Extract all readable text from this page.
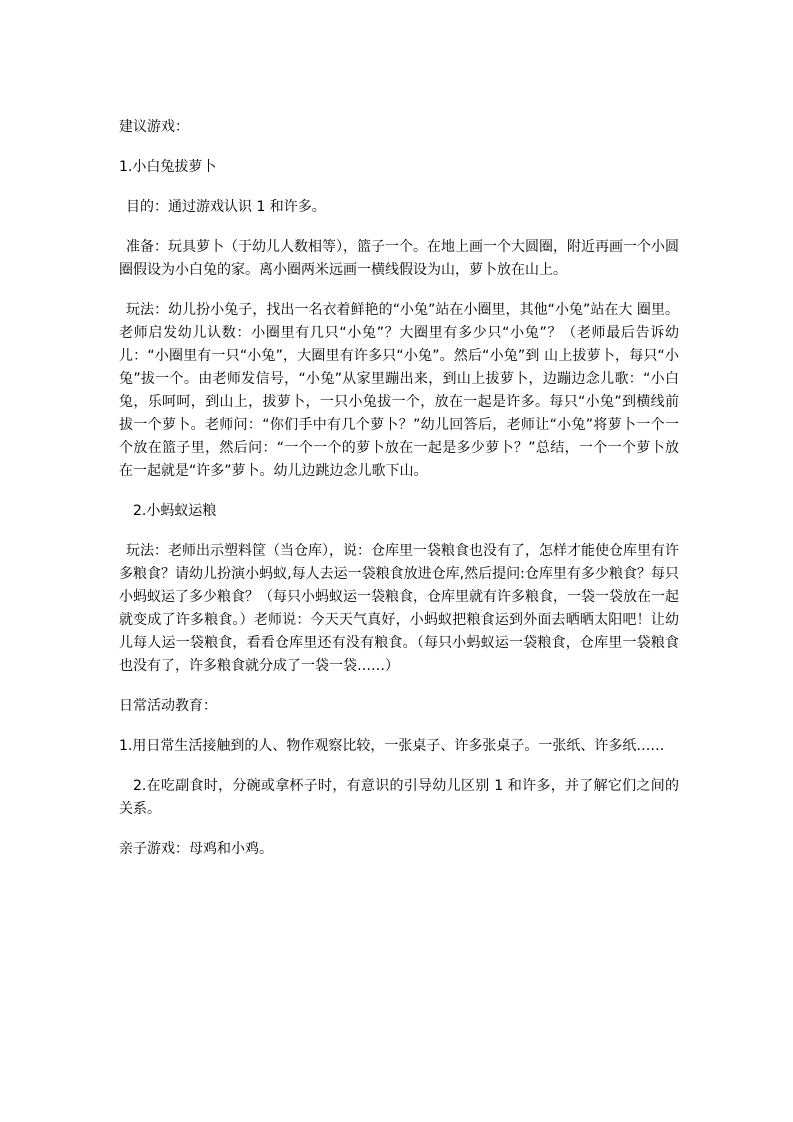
建议游戏：

1.小白兔拔萝卜

目的：通过游戏认识 1 和许多。

准备：玩具萝卜（于幼儿人数相等），篮子一个。在地上画一个大圆圈，附近再画一个小圆圈假设为小白兔的家。离小圈两米远画一横线假设为山，萝卜放在山上。

玩法：幼儿扮小兔子，找出一名衣着鲜艳的“小兔”站在小圈里，其他“小兔”站在大 圈里。老师启发幼儿认数：小圈里有几只“小兔”？大圈里有多少只“小兔”？（老师最后告诉幼儿：“小圈里有一只“小兔”，大圈里有许多只“小兔”。然后“小兔”到 山上拔萝卜，每只“小兔”拔一个。由老师发信号，“小兔”从家里蹦出来，到山上拔萝卜，边蹦边念儿歌：“小白兔，乐呵呵，到山上，拔萝卜，一只小兔拔一个，放在一起是许多。每只“小兔”到横线前拔一个萝卜。老师问：“你们手中有几个萝卜？”幼儿回答后，老师让“小兔”将萝卜一个一个放在篮子里，然后问：“一个一个的萝卜放在一起是多少萝卜？”总结，一个一个萝卜放在一起就是“许多”萝卜。幼儿边跳边念儿歌下山。

2.小蚂蚁运粮

玩法：老师出示塑料筐（当仓库），说：仓库里一袋粮食也没有了，怎样才能使仓库里有许多粮食？请幼儿扮演小蚂蚁,每人去运一袋粮食放进仓库,然后提问:仓库里有多少粮食？每只小蚂蚁运了多少粮食？（每只小蚂蚁运一袋粮食，仓库里就有许多粮食，一袋一袋放在一起就变成了许多粮食。）老师说：今天天气真好，小蚂蚁把粮食运到外面去晒晒太阳吧！让幼儿每人运一袋粮食，看看仓库里还有没有粮食。（每只小蚂蚁运一袋粮食，仓库里一袋粮食也没有了，许多粮食就分成了一袋一袋……）

日常活动教育：

1.用日常生活接触到的人、物作观察比较，一张桌子、许多张桌子。一张纸、许多纸……

2.在吃副食时，分碗或拿杯子时，有意识的引导幼儿区别 1 和许多，并了解它们之间的关系。

亲子游戏：母鸡和小鸡。
